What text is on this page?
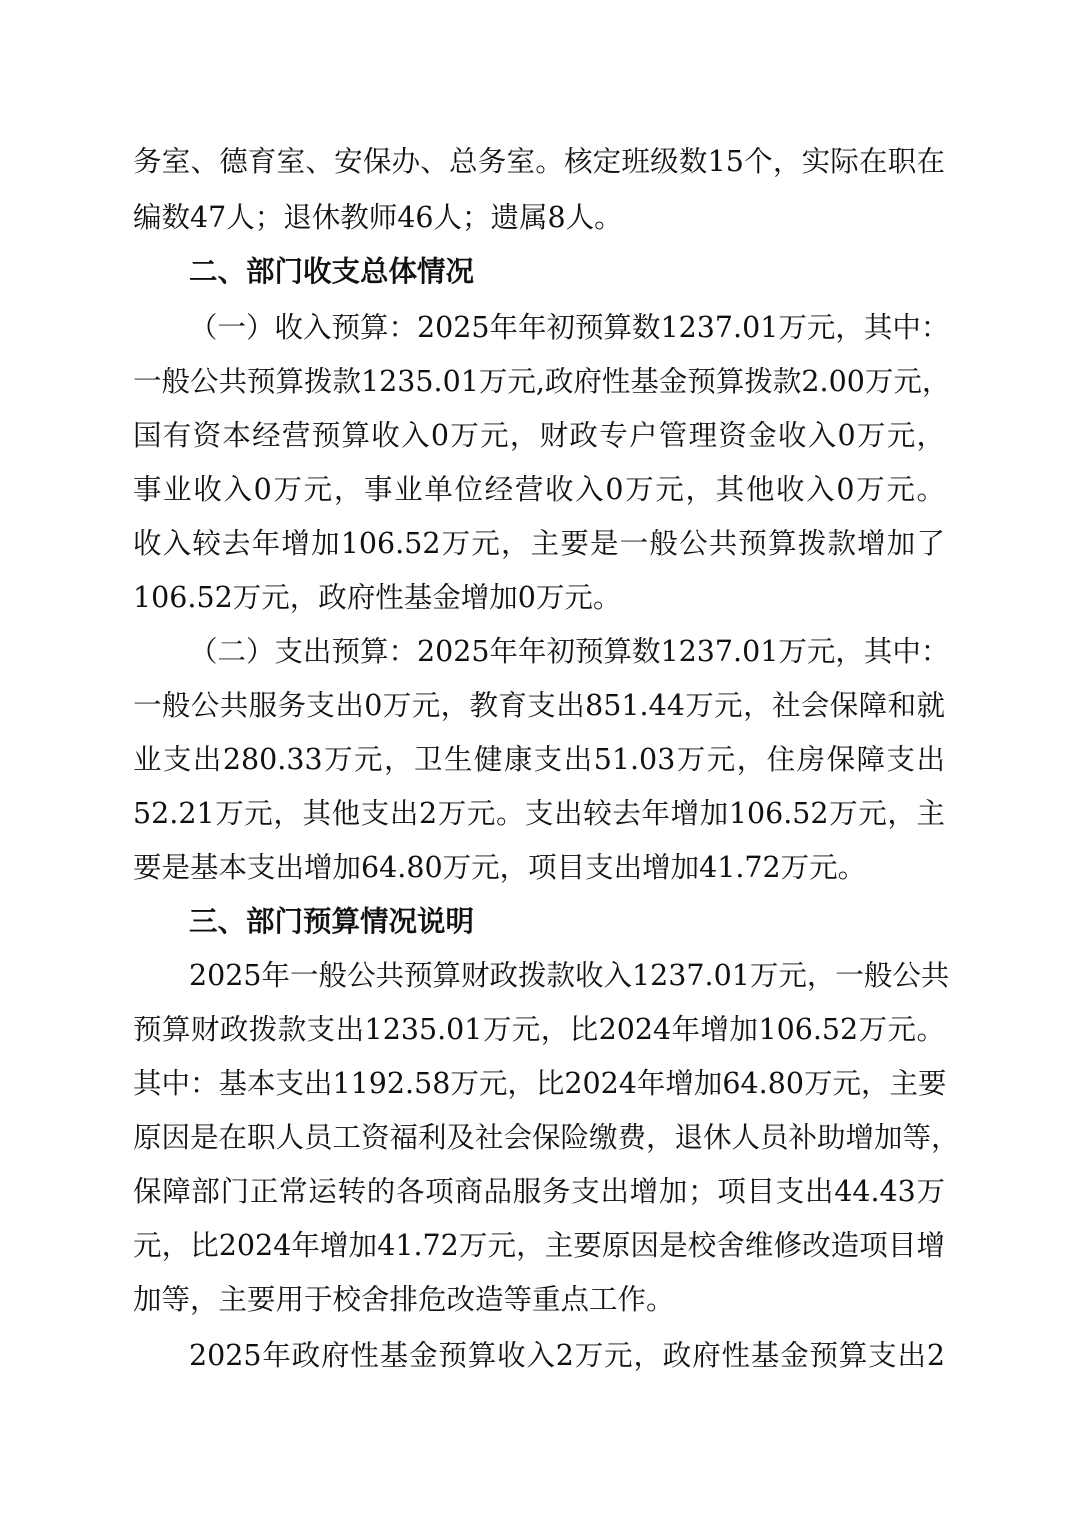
务室、德育室、安保办、总务室。核定班级数15个，实际在职在
编数47人；退休教师46人；遗属8人。
二、部门收支总体情况
（一）收入预算：2025年年初预算数1237.01万元，其中：
一般公共预算拨款1235.01万元,政府性基金预算拨款2.00万元，
国有资本经营预算收入0万元，财政专户管理资金收入0万元，
事业收入0万元，事业单位经营收入0万元，其他收入0万元。
收入较去年增加106.52万元，主要是一般公共预算拨款增加了
106.52万元，政府性基金增加0万元。
（二）支出预算：2025年年初预算数1237.01万元，其中：
一般公共服务支出0万元，教育支出851.44万元，社会保障和就
业支出280.33万元，卫生健康支出51.03万元，住房保障支出
52.21万元，其他支出2万元。支出较去年增加106.52万元，主
要是基本支出增加64.80万元，项目支出增加41.72万元。
三、部门预算情况说明
2025年一般公共预算财政拨款收入1237.01万元，一般公共
预算财政拨款支出1235.01万元，比2024年增加106.52万元。
其中：基本支出1192.58万元，比2024年增加64.80万元，主要
原因是在职人员工资福利及社会保险缴费，退休人员补助增加等，
保障部门正常运转的各项商品服务支出增加；项目支出44.43万
元，比2024年增加41.72万元，主要原因是校舍维修改造项目增
加等，主要用于校舍排危改造等重点工作。
2025年政府性基金预算收入2万元，政府性基金预算支出2
